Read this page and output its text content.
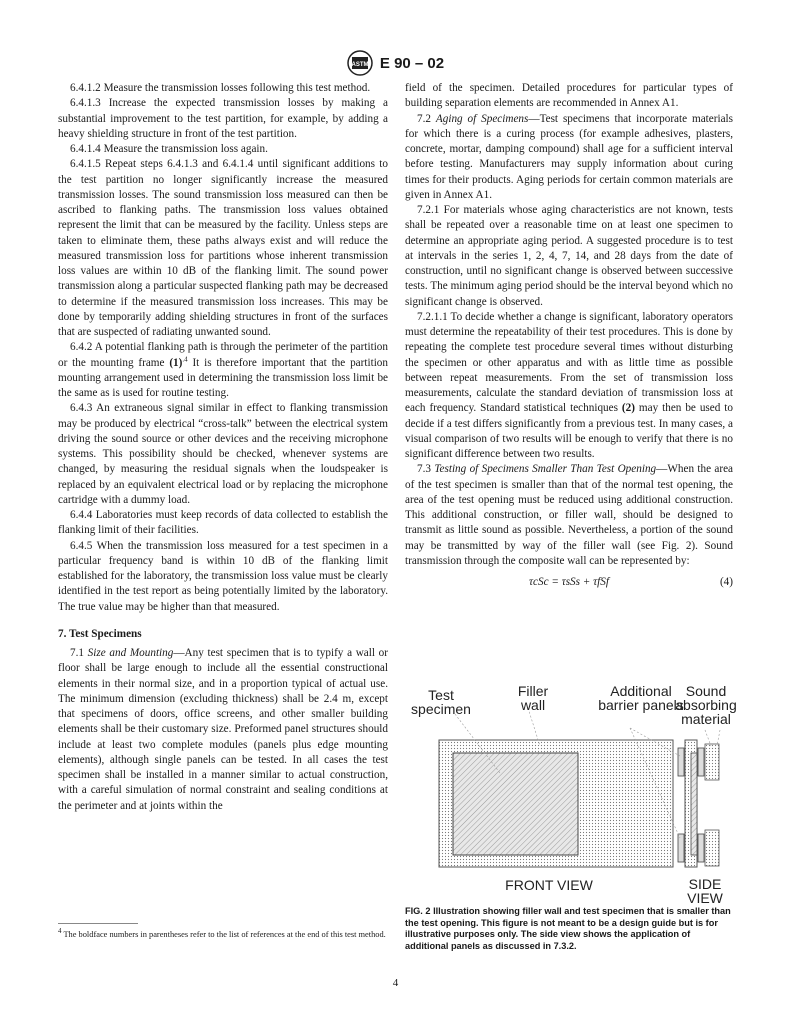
ASTM E 90 – 02

6.4.1.2 Measure the transmission losses following this test method.

6.4.1.3 Increase the expected transmission losses by making a substantial improvement to the test partition, for example, by adding a heavy shielding structure in front of the test partition.

6.4.1.4 Measure the transmission loss again.

6.4.1.5 Repeat steps 6.4.1.3 and 6.4.1.4 until significant additions to the test partition no longer significantly increase the measured transmission losses. The sound transmission loss measured can then be ascribed to flanking paths. The transmission loss values obtained represent the limit that can be measured by the facility. Unless steps are taken to eliminate them, these paths always exist and will reduce the measured transmission loss for partitions whose inherent transmission loss values are within 10 dB of the flanking limit. The sound power transmission along a particular suspected flanking path may be decreased to determine if the measured transmission loss increases. This may be done by temporarily adding shielding structures in front of the surfaces that are suspected of radiating unwanted sound.

6.4.2 A potential flanking path is through the perimeter of the partition or the mounting frame $(1)^{.4}$ It is therefore important that the partition mounting arrangement used in determining the transmission loss limit be the same as is used for routine testing.

6.4.3 An extraneous signal similar in effect to flanking transmission may be produced by electrical “cross-talk” between the electrical system driving the sound source or other devices and the receiving microphone systems. This possibility should be checked, whenever systems are changed, by measuring the residual signals when the loudspeaker is replaced by an equivalent electrical load or by replacing the microphone cartridge with a dummy load.

6.4.4 Laboratories must keep records of data collected to establish the flanking limit of their facilities.

6.4.5 When the transmission loss measured for a test specimen in a particular frequency band is within 10 dB of the flanking limit established for the laboratory, the transmission loss value must be clearly identified in the test report as being potentially limited by the laboratory. The true value may be higher than that measured.

7. Test Specimens

7.1 Size and Mounting—Any test specimen that is to typify a wall or floor shall be large enough to include all the essential constructional elements in their normal size, and in a proportion typical of actual use. The minimum dimension (excluding thickness) shall be 2.4 m, except that specimens of doors, office screens, and other smaller building elements shall be their customary size. Preformed panel structures should include at least two complete modules (panels plus edge mounting elements), although single panels can be tested. In all cases the test specimen shall be installed in a manner similar to actual construction, with a careful simulation of normal constraint and sealing conditions at the perimeter and at joints within the

field of the specimen. Detailed procedures for particular types of building separation elements are recommended in Annex A1.

7.2 Aging of Specimens—Test specimens that incorporate materials for which there is a curing process (for example adhesives, plasters, concrete, mortar, damping compound) shall age for a sufficient interval before testing. Manufacturers may supply information about curing times for their products. Aging periods for certain common materials are given in Annex A1.

7.2.1 For materials whose aging characteristics are not known, tests shall be repeated over a reasonable time on at least one specimen to determine an appropriate aging period. A suggested procedure is to test at intervals in the series 1, 2, 4, 7, 14, and 28 days from the date of construction, until no significant change is observed between successive tests. The minimum aging period should be the interval beyond which no significant change is observed.

7.2.1.1 To decide whether a change is significant, laboratory operators must determine the repeatability of their test procedures. This is done by repeating the complete test procedure several times without disturbing the specimen or other apparatus and with as little time as possible between repeat measurements. From the set of transmission loss measurements, calculate the standard deviation of transmission loss at each frequency. Standard statistical techniques (2) may then be used to decide if a test differs significantly from a previous test. In many cases, a visual comparison of two results will be enough to verify that there is no significant difference between two results.

7.3 Testing of Specimens Smaller Than Test Opening—When the area of the test specimen is smaller than that of the normal test opening, the area of the test opening must be reduced using additional construction. This additional construction, or filler wall, should be designed to transmit as little sound as possible. Nevertheless, a portion of the sound may be transmitted by way of the filler wall (see Fig. 2). Sound transmission through the composite wall can be represented by:

τcSc = τsSs + τfSf	(4)
Test specimen
Filler wall
Additional barrier panels
Sound absorbing material
FRONT VIEW	SIDE VIEW
FIG. 2 Illustration showing filler wall and test specimen that is smaller than the test opening. This figure is not meant to be a design guide but is for illustrative purposes only. The side view shows the application of additional panels as discussed in 7.3.2.
$^4$ The boldface numbers in parentheses refer to the list of references at the end of this test method.
4
